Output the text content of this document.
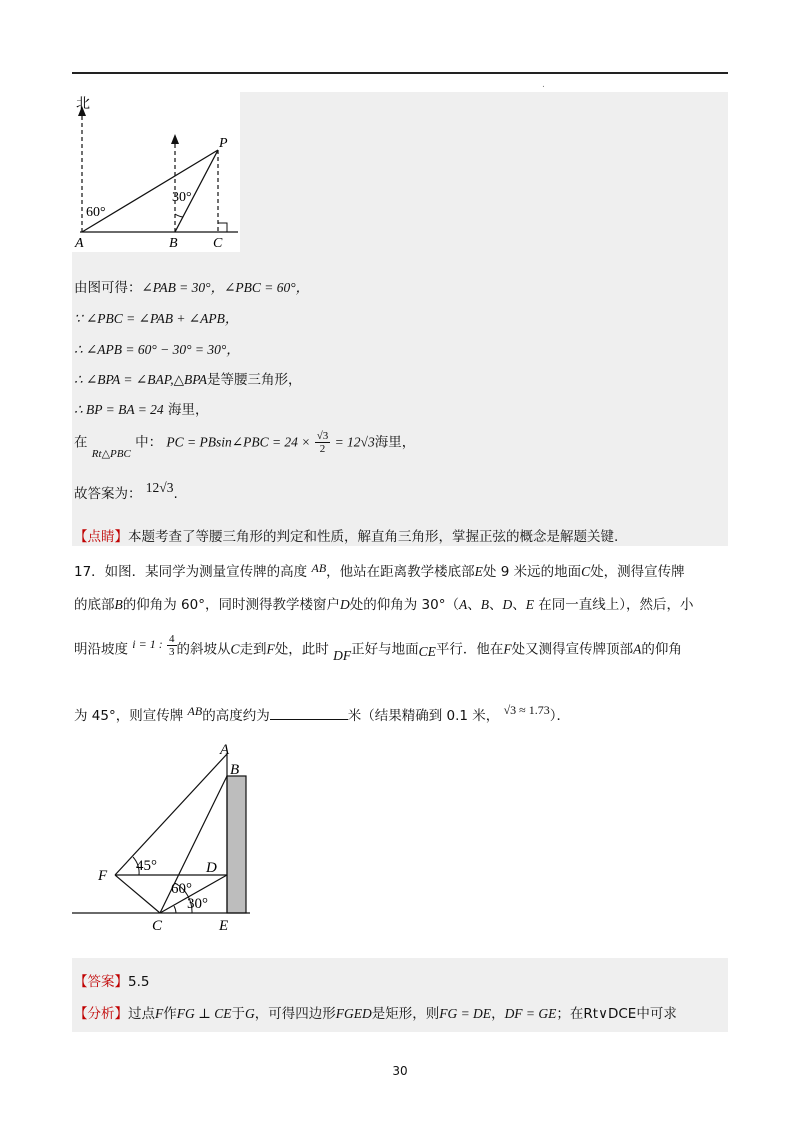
.
北
P
A	B	C
60°
30°
由图可得：∠PAB = 30°，∠PBC = 60°，
∵ ∠PBC = ∠PAB + ∠APB，
∴ ∠APB = 60° − 30° = 30°，
∴ ∠BPA = ∠BAP,△BPA是等腰三角形，
∴ BP = BA = 24 海里，
在 $_{Rt\triangle PBC}$ 中： PC = PBsin∠PBC = $24 \times \frac{√3}{2} = 12√3$海里，
故答案为： 12√3.
【点睛】本题考查了等腰三角形的判定和性质，解直角三角形，掌握正弦的概念是解题关键.
17．如图．某同学为测量宣传牌的高度 AB，他站在距离教学楼底部E处 9 米远的地面C处，测得宣传牌
的底部B的仰角为 60°，同时测得教学楼窗户D处的仰角为 30°（A、B、D、E 在同一直线上），然后，小
明沿坡度 i = 1 : $\frac{4}{3}$ 的斜坡从C走到F处，此时 DF正好与地面CE平行．他在F处又测得宣传牌顶部A的仰角
为 45°，则宣传牌 AB的高度约为	米（结果精确到 0.1 米， √3 ≈ 1.73）．
A
B
D
F
C	E
45°
60°
30°
【答案】5.5
【分析】过点F作FG ⊥ CE于G，可得四边形FGED是矩形，则FG = DE，DF = GE；在Rt∨DCE中可求
30
